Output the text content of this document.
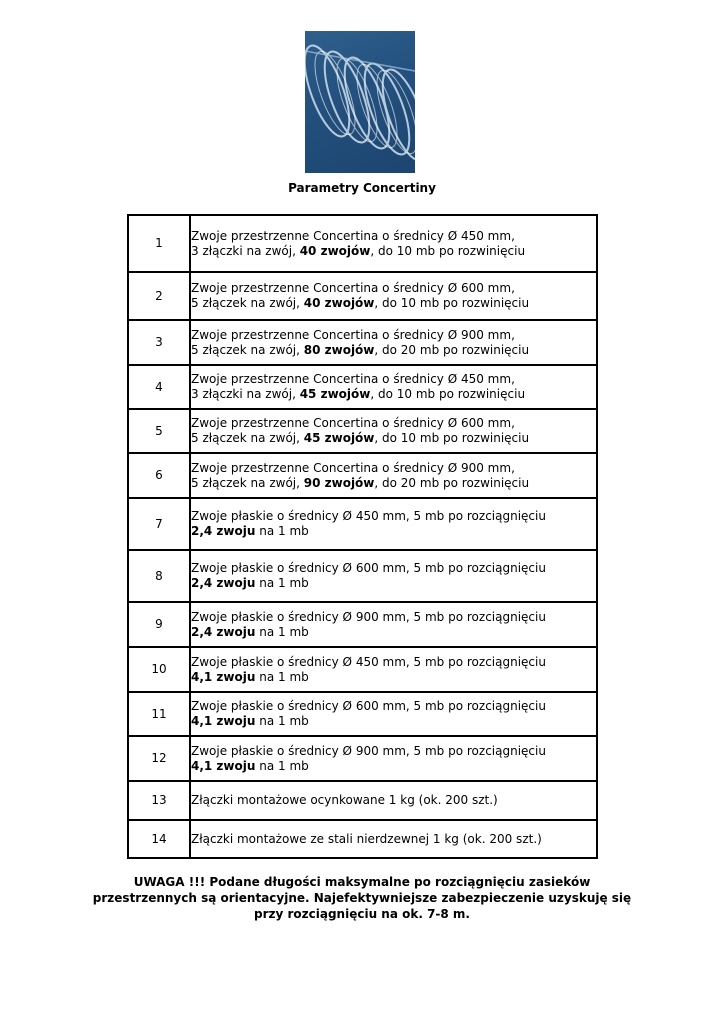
Parametry Concertiny
1	Zwoje przestrzenne Concertina o średnicy Ø 450 mm,
3 złączki na zwój, 40 zwojów, do 10 mb po rozwinięciu

2	Zwoje przestrzenne Concertina o średnicy Ø 600 mm,
5 złączek na zwój, 40 zwojów, do 10 mb po rozwinięciu

3	Zwoje przestrzenne Concertina o średnicy Ø 900 mm,
5 złączek na zwój, 80 zwojów, do 20 mb po rozwinięciu

4	Zwoje przestrzenne Concertina o średnicy Ø 450 mm,
3 złączki na zwój, 45 zwojów, do 10 mb po rozwinięciu

5	Zwoje przestrzenne Concertina o średnicy Ø 600 mm,
5 złączek na zwój, 45 zwojów, do 10 mb po rozwinięciu

6	Zwoje przestrzenne Concertina o średnicy Ø 900 mm,
5 złączek na zwój, 90 zwojów, do 20 mb po rozwinięciu

7	Zwoje płaskie o średnicy Ø 450 mm, 5 mb po rozciągnięciu
2,4 zwoju na 1 mb

8	Zwoje płaskie o średnicy Ø 600 mm, 5 mb po rozciągnięciu
2,4 zwoju na 1 mb

9	Zwoje płaskie o średnicy Ø 900 mm, 5 mb po rozciągnięciu
2,4 zwoju na 1 mb

10	Zwoje płaskie o średnicy Ø 450 mm, 5 mb po rozciągnięciu
4,1 zwoju na 1 mb

11	Zwoje płaskie o średnicy Ø 600 mm, 5 mb po rozciągnięciu
4,1 zwoju na 1 mb

12	Zwoje płaskie o średnicy Ø 900 mm, 5 mb po rozciągnięciu
4,1 zwoju na 1 mb

13	Złączki montażowe ocynkowane 1 kg (ok. 200 szt.)

14	Złączki montażowe ze stali nierdzewnej 1 kg (ok. 200 szt.)
UWAGA !!! Podane długości maksymalne po rozciągnięciu zasieków
przestrzennych są orientacyjne. Najefektywniejsze zabezpieczenie uzyskuję się
przy rozciągnięciu na ok. 7-8 m.
